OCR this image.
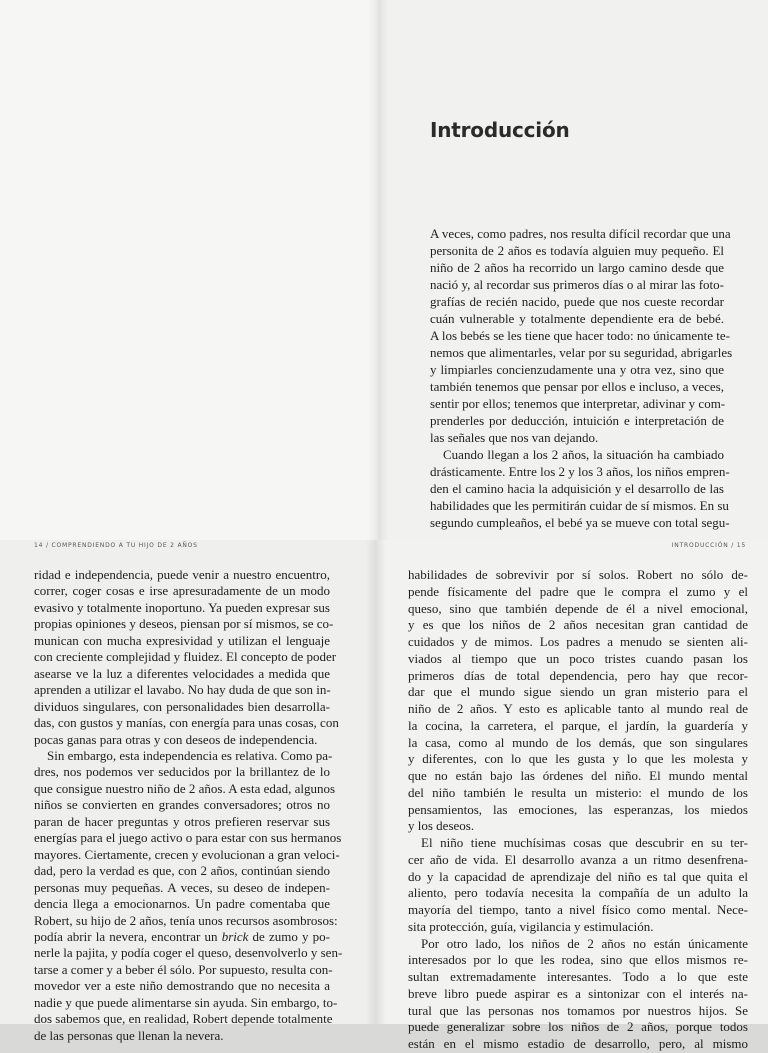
Introducción

A veces, como padres, nos resulta difícil recordar que una
personita de 2 años es todavía alguien muy pequeño. El
niño de 2 años ha recorrido un largo camino desde que
nació y, al recordar sus primeros días o al mirar las foto-
grafías de recién nacido, puede que nos cueste recordar
cuán vulnerable y totalmente dependiente era de bebé.
A los bebés se les tiene que hacer todo: no únicamente te-
nemos que alimentarles, velar por su seguridad, abrigarles
y limpiarles concienzudamente una y otra vez, sino que
también tenemos que pensar por ellos e incluso, a veces,
sentir por ellos; tenemos que interpretar, adivinar y com-
prenderles por deducción, intuición e interpretación de
las señales que nos van dejando.

 Cuando llegan a los 2 años, la situación ha cambiado
drásticamente. Entre los 2 y los 3 años, los niños empren-
den el camino hacia la adquisición y el desarrollo de las
habilidades que les permitirán cuidar de sí mismos. En su
segundo cumpleaños, el bebé ya se mueve con total segu-

14 / COMPRENDIENDO A TU HIJO DE 2 AÑOS

ridad e independencia, puede venir a nuestro encuentro,
correr, coger cosas e irse apresuradamente de un modo
evasivo y totalmente inoportuno. Ya pueden expresar sus
propias opiniones y deseos, piensan por sí mismos, se co-
munican con mucha expresividad y utilizan el lenguaje
con creciente complejidad y fluidez. El concepto de poder
asearse ve la luz a diferentes velocidades a medida que
aprenden a utilizar el lavabo. No hay duda de que son in-
dividuos singulares, con personalidades bien desarrolla-
das, con gustos y manías, con energía para unas cosas, con
pocas ganas para otras y con deseos de independencia.

 Sin embargo, esta independencia es relativa. Como pa-
dres, nos podemos ver seducidos por la brillantez de lo
que consigue nuestro niño de 2 años. A esta edad, algunos
niños se convierten en grandes conversadores; otros no
paran de hacer preguntas y otros prefieren reservar sus
energías para el juego activo o para estar con sus hermanos
mayores. Ciertamente, crecen y evolucionan a gran veloci-
dad, pero la verdad es que, con 2 años, continúan siendo
personas muy pequeñas. A veces, su deseo de indepen-
dencia llega a emocionarnos. Un padre comentaba que
Robert, su hijo de 2 años, tenía unos recursos asombrosos:
podía abrir la nevera, encontrar un brick de zumo y po-
nerle la pajita, y podía coger el queso, desenvolverlo y sen-
tarse a comer y a beber él sólo. Por supuesto, resulta con-
movedor ver a este niño demostrando que no necesita a
nadie y que puede alimentarse sin ayuda. Sin embargo, to-
dos sabemos que, en realidad, Robert depende totalmente
de las personas que llenan la nevera.

INTRODUCCIÓN / 15

habilidades de sobrevivir por sí solos. Robert no sólo de-
pende físicamente del padre que le compra el zumo y el
queso, sino que también depende de él a nivel emocional,
y es que los niños de 2 años necesitan gran cantidad de
cuidados y de mimos. Los padres a menudo se sienten ali-
viados al tiempo que un poco tristes cuando pasan los
primeros días de total dependencia, pero hay que recor-
dar que el mundo sigue siendo un gran misterio para el
niño de 2 años. Y esto es aplicable tanto al mundo real de
la cocina, la carretera, el parque, el jardín, la guardería y
la casa, como al mundo de los demás, que son singulares
y diferentes, con lo que les gusta y lo que les molesta y
que no están bajo las órdenes del niño. El mundo mental
del niño también le resulta un misterio: el mundo de los
pensamientos, las emociones, las esperanzas, los miedos
y los deseos.

 El niño tiene muchísimas cosas que descubrir en su ter-
cer año de vida. El desarrollo avanza a un ritmo desenfrena-
do y la capacidad de aprendizaje del niño es tal que quita el
aliento, pero todavía necesita la compañía de un adulto la
mayoría del tiempo, tanto a nivel físico como mental. Nece-
sita protección, guía, vigilancia y estimulación.

 Por otro lado, los niños de 2 años no están únicamente
interesados por lo que les rodea, sino que ellos mismos re-
sultan extremadamente interesantes. Todo a lo que este
breve libro puede aspirar es a sintonizar con el interés na-
tural que las personas nos tomamos por nuestros hijos. Se
puede generalizar sobre los niños de 2 años, porque todos
están en el mismo estadio de desarrollo, pero, al mismo
